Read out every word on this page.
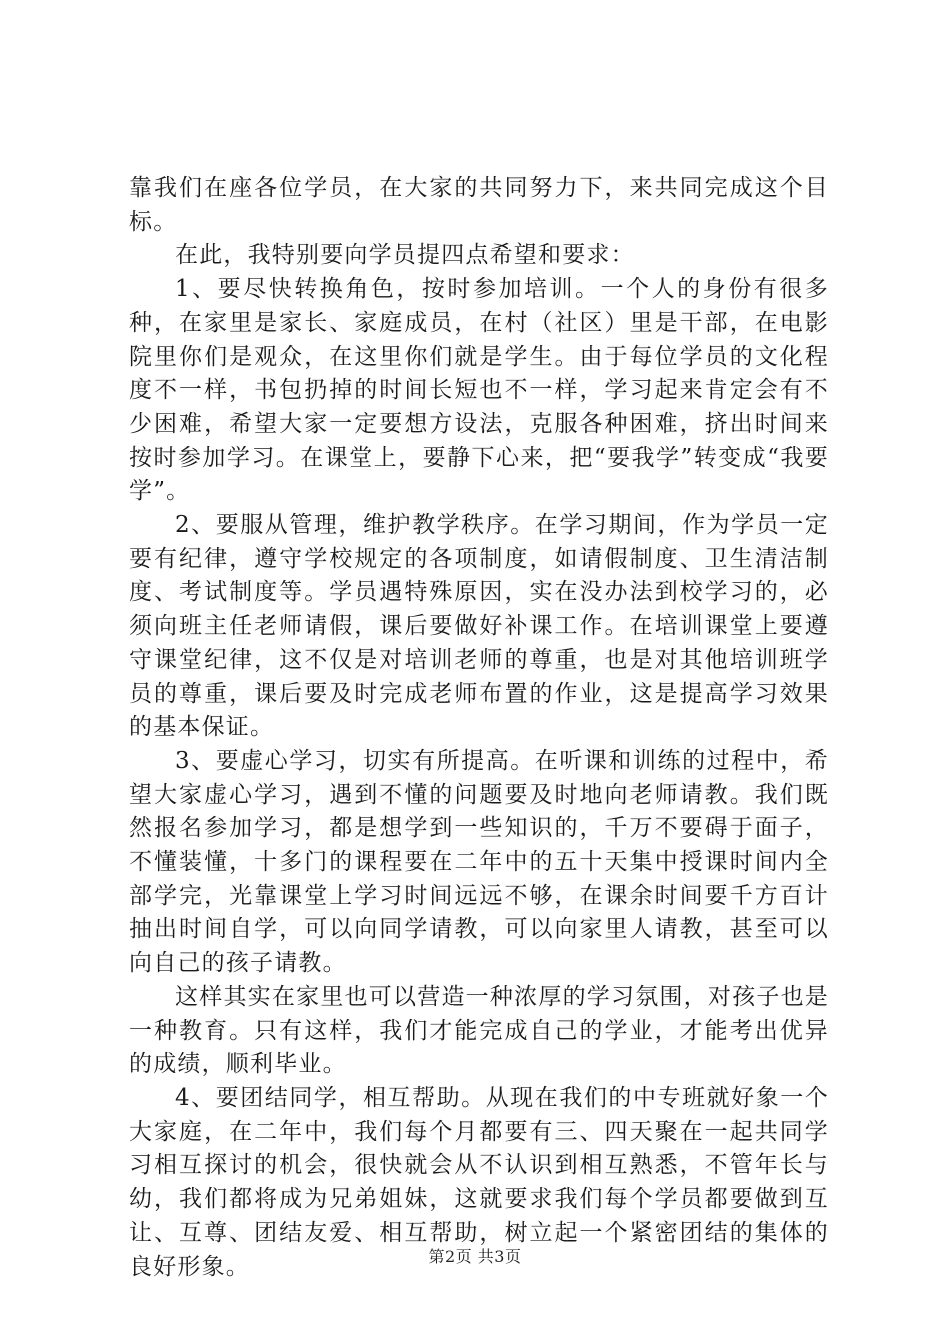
靠我们在座各位学员，在大家的共同努力下，来共同完成这个目标。

在此，我特别要向学员提四点希望和要求：

1、要尽快转换角色，按时参加培训。一个人的身份有很多种，在家里是家长、家庭成员，在村（社区）里是干部，在电影院里你们是观众，在这里你们就是学生。由于每位学员的文化程度不一样，书包扔掉的时间长短也不一样，学习起来肯定会有不少困难，希望大家一定要想方设法，克服各种困难，挤出时间来按时参加学习。在课堂上，要静下心来，把“要我学”转变成“我要学”。

2、要服从管理，维护教学秩序。在学习期间，作为学员一定要有纪律，遵守学校规定的各项制度，如请假制度、卫生清洁制度、考试制度等。学员遇特殊原因，实在没办法到校学习的，必须向班主任老师请假，课后要做好补课工作。在培训课堂上要遵守课堂纪律，这不仅是对培训老师的尊重，也是对其他培训班学员的尊重，课后要及时完成老师布置的作业，这是提高学习效果的基本保证。

3、要虚心学习，切实有所提高。在听课和训练的过程中，希望大家虚心学习，遇到不懂的问题要及时地向老师请教。我们既然报名参加学习，都是想学到一些知识的，千万不要碍于面子，不懂装懂，十多门的课程要在二年中的五十天集中授课时间内全部学完，光靠课堂上学习时间远远不够，在课余时间要千方百计抽出时间自学，可以向同学请教，可以向家里人请教，甚至可以向自己的孩子请教。

这样其实在家里也可以营造一种浓厚的学习氛围，对孩子也是一种教育。只有这样，我们才能完成自己的学业，才能考出优异的成绩，顺利毕业。

4、要团结同学，相互帮助。从现在我们的中专班就好象一个大家庭，在二年中，我们每个月都要有三、四天聚在一起共同学习相互探讨的机会，很快就会从不认识到相互熟悉，不管年长与幼，我们都将成为兄弟姐妹，这就要求我们每个学员都要做到互让、互尊、团结友爱、相互帮助，树立起一个紧密团结的集体的良好形象。	第2页 共3页
